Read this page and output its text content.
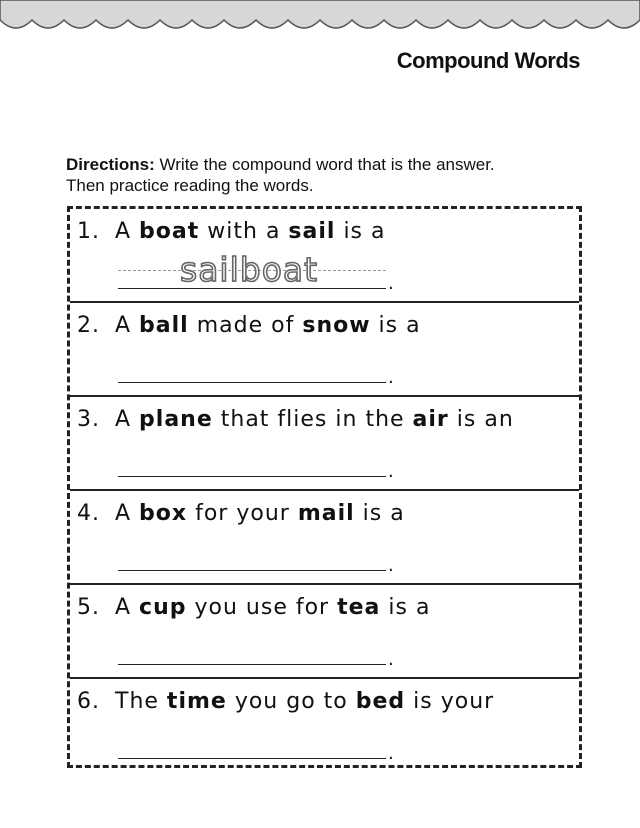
Compound Words
Directions: Write the compound word that is the answer.
Then practice reading the words.
1. A boat with a sail is a
sailboat	.
2. A ball made of snow is a
.
3. A plane that flies in the air is an
.
4. A box for your mail is a
.
5. A cup you use for tea is a
.
6. The time you go to bed is your
.
